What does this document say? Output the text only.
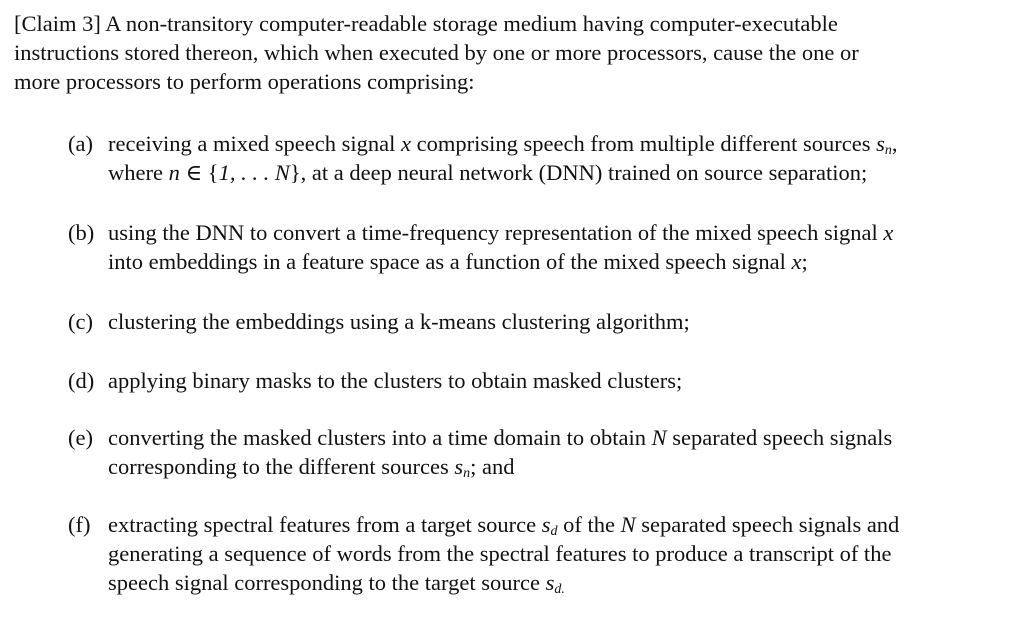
[Claim 3] A non-transitory computer-readable storage medium having computer-executable
instructions stored thereon, which when executed by one or more processors, cause the one or
more processors to perform operations comprising:

(a) receiving a mixed speech signal x comprising speech from multiple different sources $s_n$,
where n ∈ {1, . . . N}, at a deep neural network (DNN) trained on source separation;
(b) using the DNN to convert a time-frequency representation of the mixed speech signal x
into embeddings in a feature space as a function of the mixed speech signal x;
(c) clustering the embeddings using a k-means clustering algorithm;
(d) applying binary masks to the clusters to obtain masked clusters;
(e) converting the masked clusters into a time domain to obtain N separated speech signals
corresponding to the different sources $s_n$; and
(f) extracting spectral features from a target source $s_d$ of the N separated speech signals and
generating a sequence of words from the spectral features to produce a transcript of the
speech signal corresponding to the target source $s_{d.}$
